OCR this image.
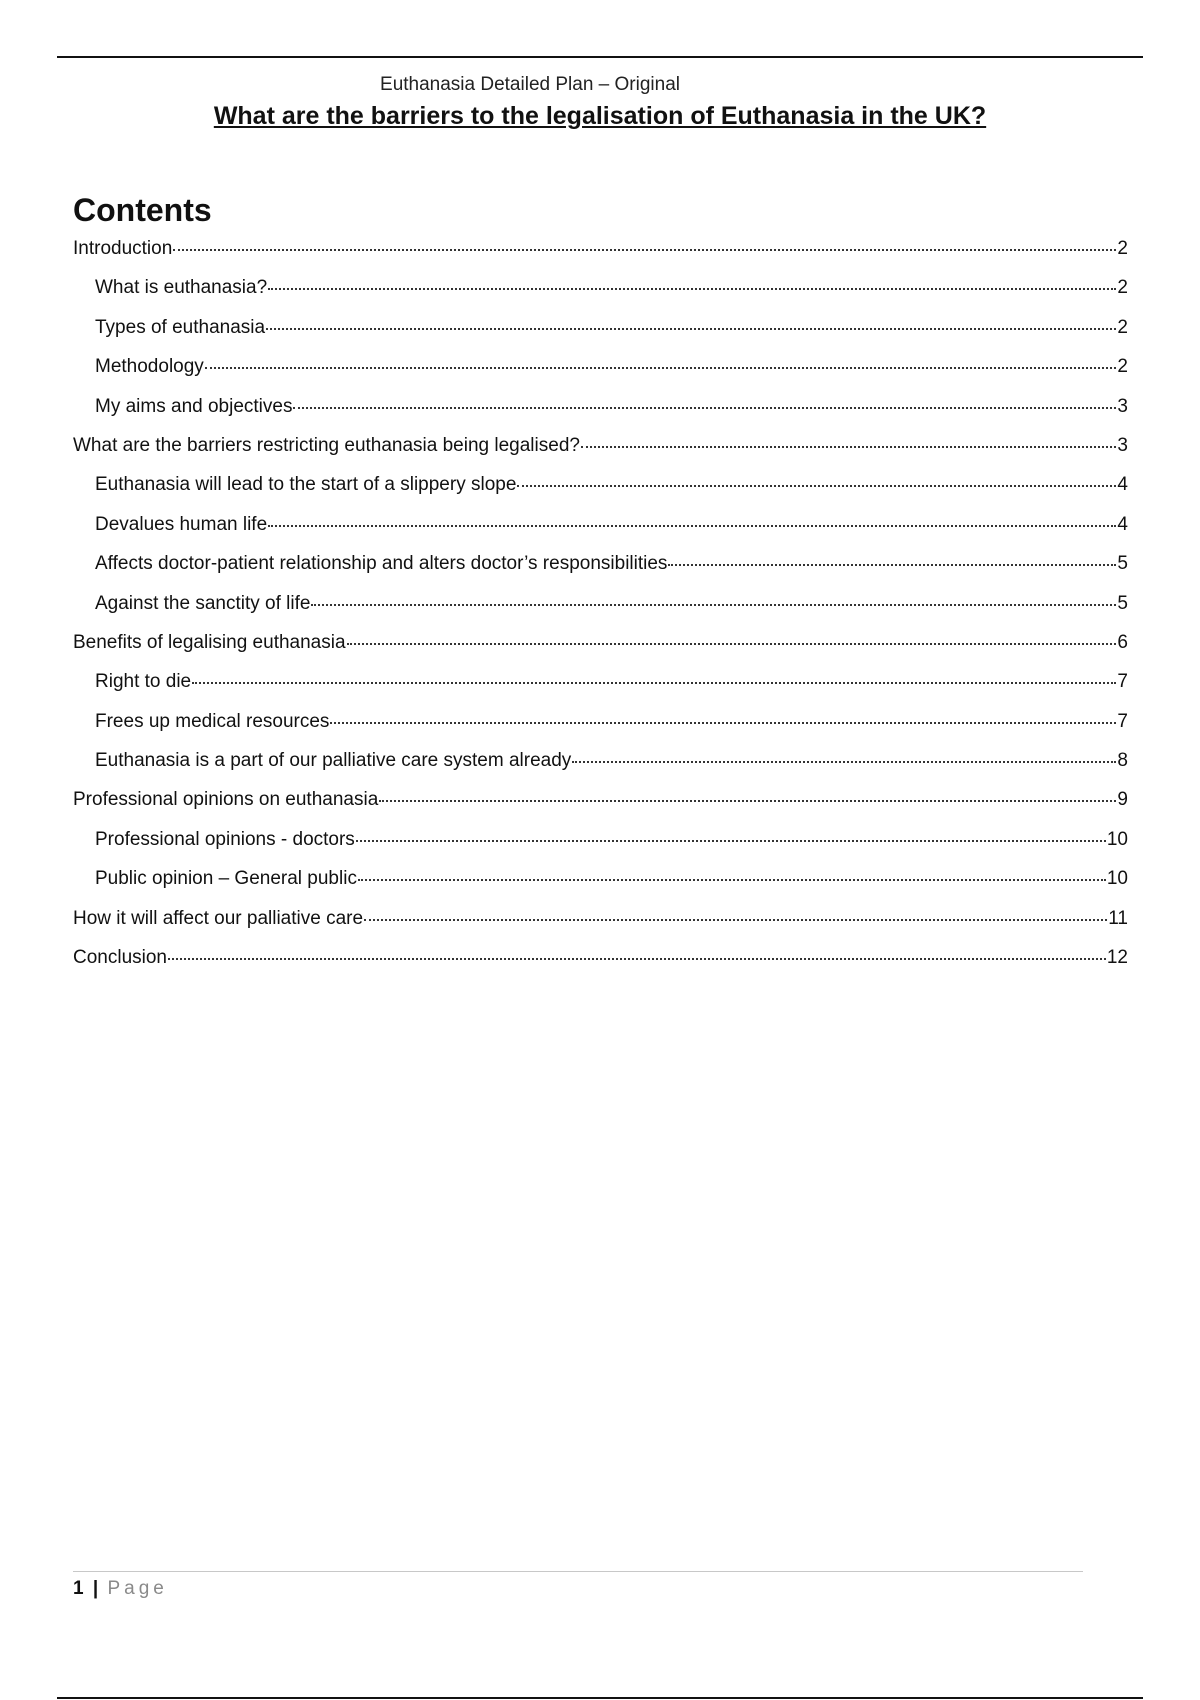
Euthanasia Detailed Plan – Original
What are the barriers to the legalisation of Euthanasia in the UK?
Contents
Introduction	2
What is euthanasia?	2
Types of euthanasia	2
Methodology	2
My aims and objectives	3
What are the barriers restricting euthanasia being legalised?	3
Euthanasia will lead to the start of a slippery slope	4
Devalues human life	4
Affects doctor-patient relationship and alters doctor’s responsibilities	5
Against the sanctity of life	5
Benefits of legalising euthanasia	6
Right to die	7
Frees up medical resources	7
Euthanasia is a part of our palliative care system already	8
Professional opinions on euthanasia	9
Professional opinions - doctors	10
Public opinion – General public	10
How it will affect our palliative care	11
Conclusion	12
1 | Page
